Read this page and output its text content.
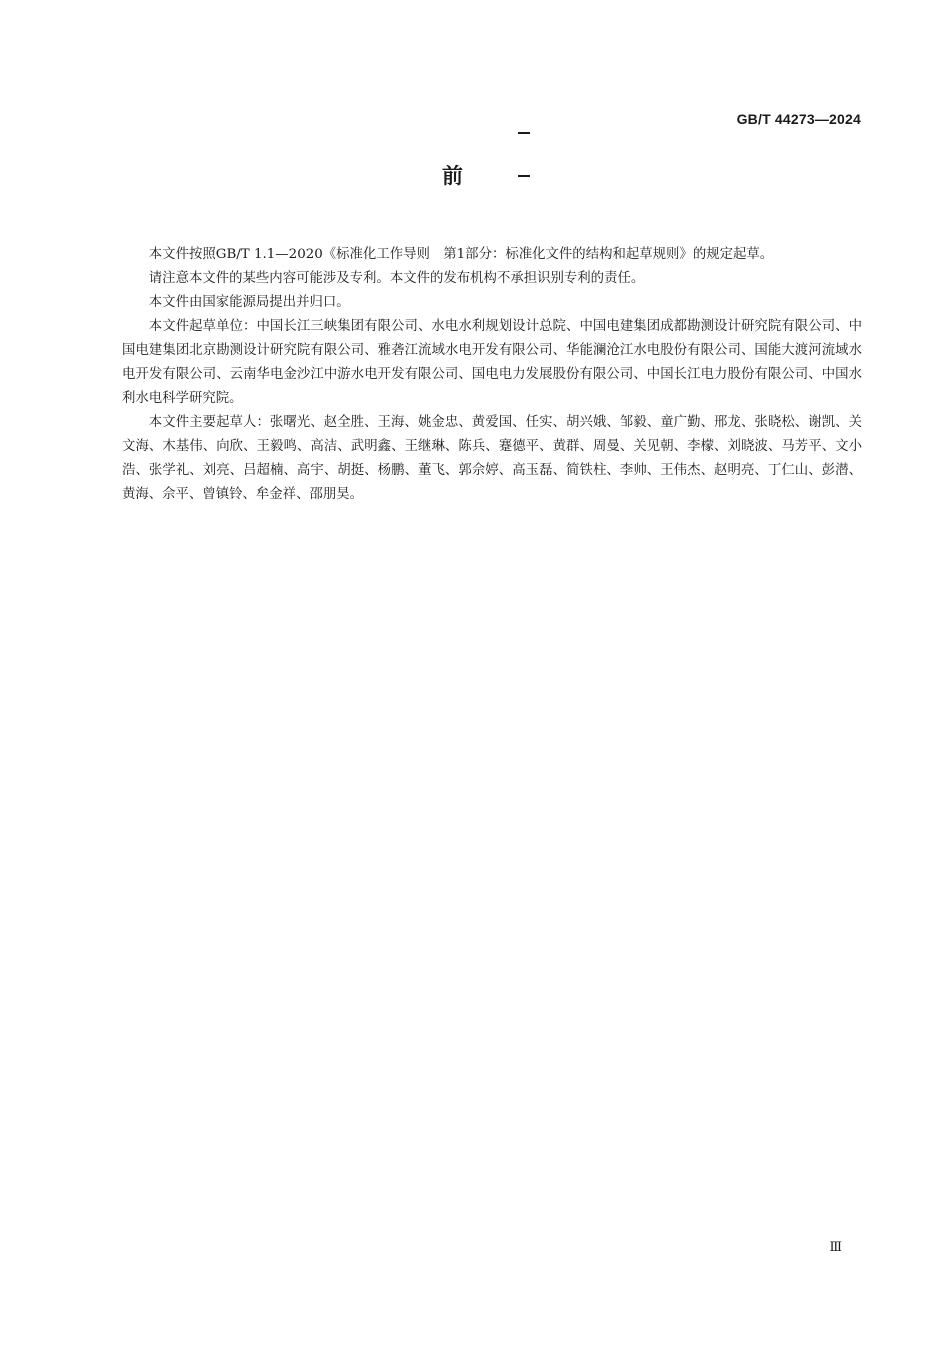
GB/T 44273—2024
前

本文件按照GB/T 1.1—2020《标准化工作导则　第1部分：标准化文件的结构和起草规则》的规定起草。

请注意本文件的某些内容可能涉及专利。本文件的发布机构不承担识别专利的责任。

本文件由国家能源局提出并归口。

本文件起草单位：中国长江三峡集团有限公司、水电水利规划设计总院、中国电建集团成都勘测设计研究院有限公司、中国电建集团北京勘测设计研究院有限公司、雅砻江流域水电开发有限公司、华能澜沧江水电股份有限公司、国能大渡河流域水电开发有限公司、云南华电金沙江中游水电开发有限公司、国电电力发展股份有限公司、中国长江电力股份有限公司、中国水利水电科学研究院。

本文件主要起草人：张曙光、赵全胜、王海、姚金忠、黄爱国、任实、胡兴娥、邹毅、童广勤、邢龙、张晓松、谢凯、关文海、木基伟、向欣、王毅鸣、高洁、武明鑫、王继琳、陈兵、蹇德平、黄群、周曼、关见朝、李檬、刘晓波、马芳平、文小浩、张学礼、刘亮、吕超楠、高宇、胡挺、杨鹏、董飞、郭佘婷、高玉磊、简铁柱、李帅、王伟杰、赵明亮、丁仁山、彭潜、黄海、佘平、曾镇铃、牟金祥、邵朋昊。

Ⅲ
